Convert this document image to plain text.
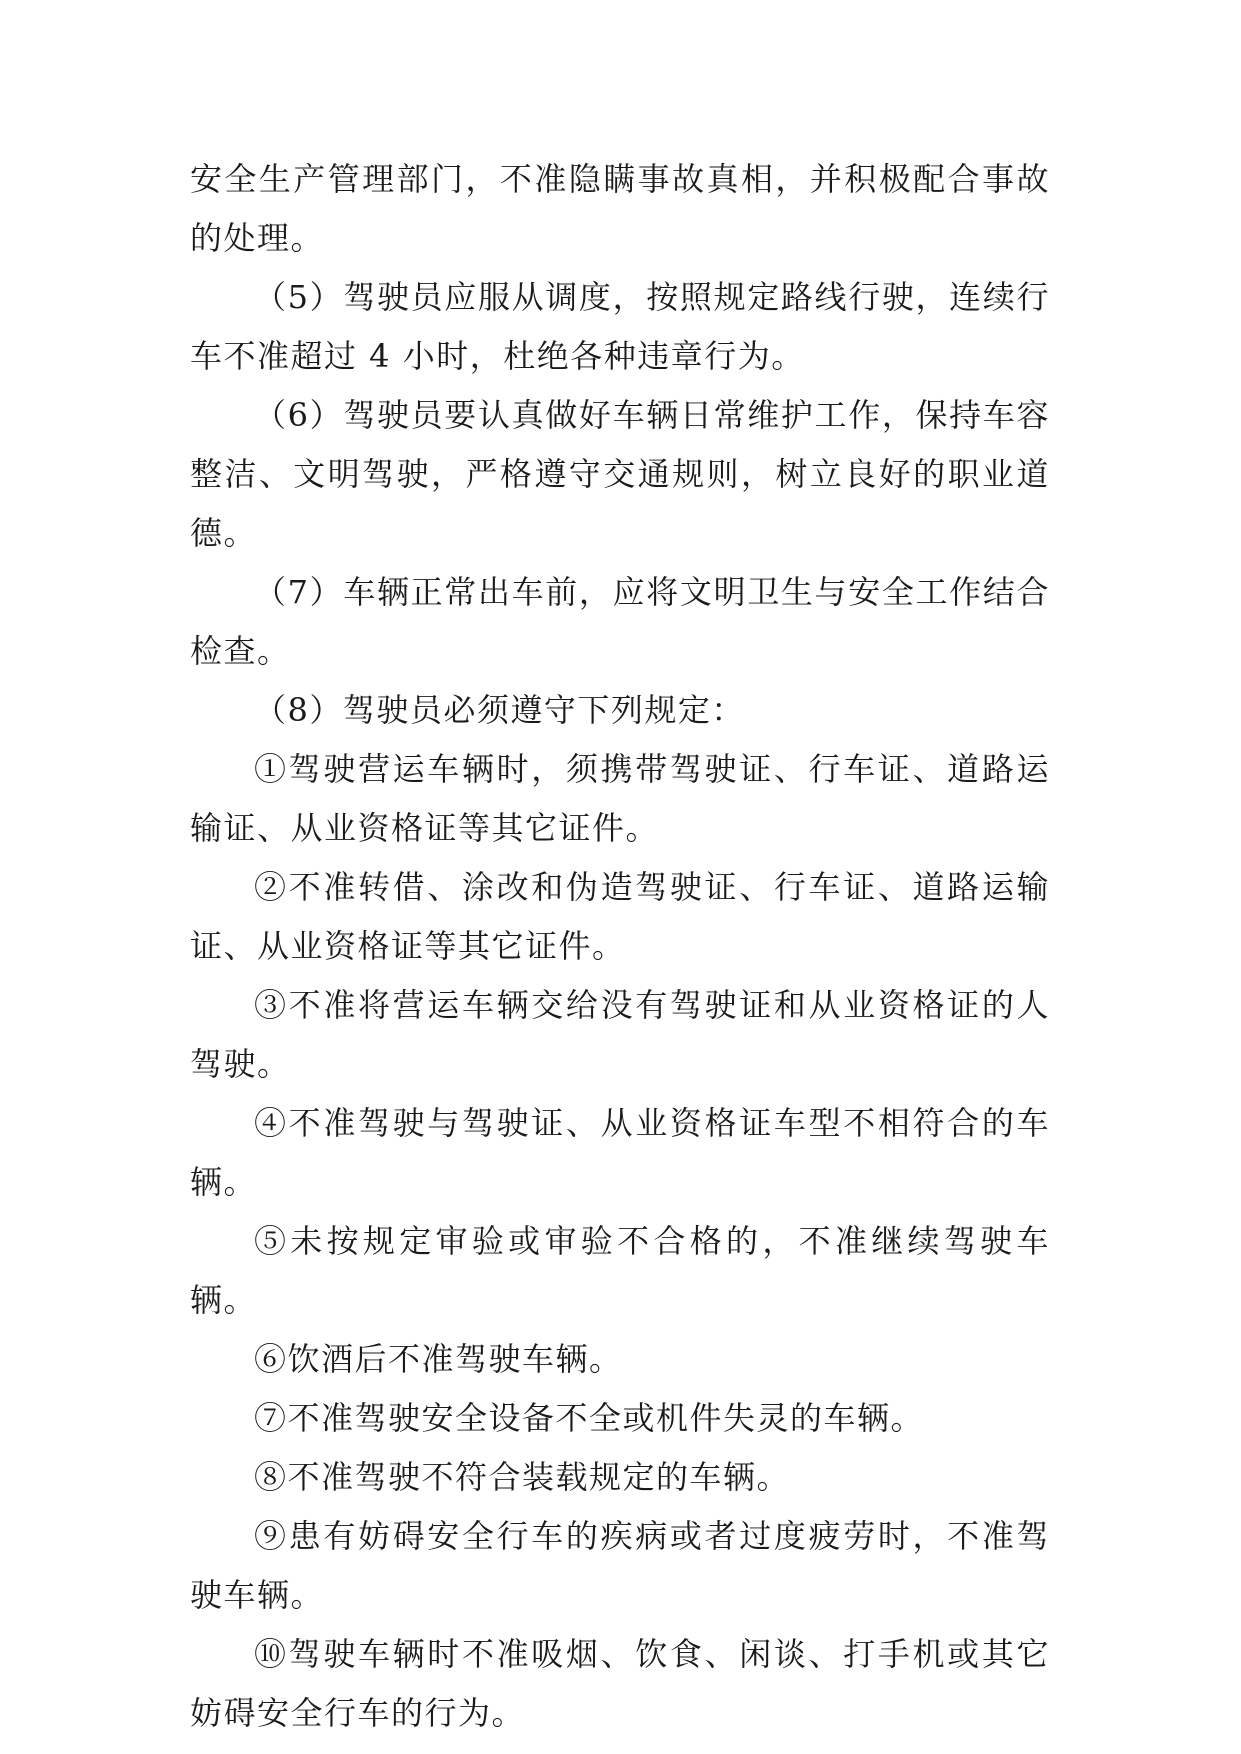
安全生产管理部门，不准隐瞒事故真相，并积极配合事故的处理。

（5）驾驶员应服从调度，按照规定路线行驶，连续行车不准超过 4 小时，杜绝各种违章行为。

（6）驾驶员要认真做好车辆日常维护工作，保持车容整洁、文明驾驶，严格遵守交通规则，树立良好的职业道德。

（7）车辆正常出车前，应将文明卫生与安全工作结合检查。

（8）驾驶员必须遵守下列规定：

①驾驶营运车辆时，须携带驾驶证、行车证、道路运输证、从业资格证等其它证件。

②不准转借、涂改和伪造驾驶证、行车证、道路运输证、从业资格证等其它证件。

③不准将营运车辆交给没有驾驶证和从业资格证的人驾驶。

④不准驾驶与驾驶证、从业资格证车型不相符合的车辆。

⑤未按规定审验或审验不合格的，不准继续驾驶车辆。

⑥饮酒后不准驾驶车辆。

⑦不准驾驶安全设备不全或机件失灵的车辆。

⑧不准驾驶不符合装载规定的车辆。

⑨患有妨碍安全行车的疾病或者过度疲劳时，不准驾驶车辆。

⑩驾驶车辆时不准吸烟、饮食、闲谈、打手机或其它妨碍安全行车的行为。
